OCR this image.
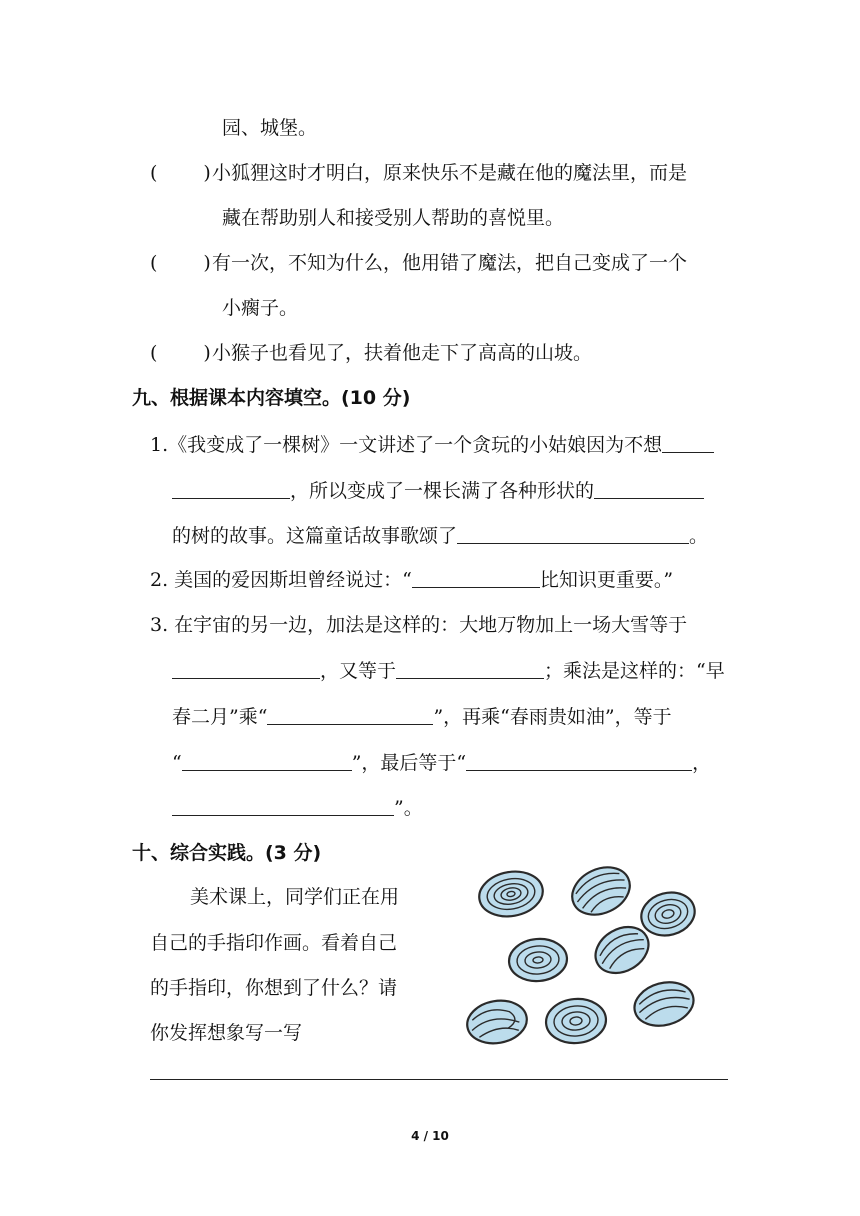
园、城堡。
( )小狐狸这时才明白，原来快乐不是藏在他的魔法里，而是
藏在帮助别人和接受别人帮助的喜悦里。
( )有一次，不知为什么，他用错了魔法，把自己变成了一个
小瘸子。
( )小猴子也看见了，扶着他走下了高高的山坡。
九、根据课本内容填空。(10 分)
1.《我变成了一棵树》一文讲述了一个贪玩的小姑娘因为不想
，所以变成了一棵长满了各种形状的
的树的故事。这篇童话故事歌颂了	。
2. 美国的爱因斯坦曾经说过：“	比知识更重要。”
3. 在宇宙的另一边，加法是这样的：大地万物加上一场大雪等于
，又等于	；乘法是这样的：“早
春二月”乘“	”，再乘“春雨贵如油”，等于
“	”，最后等于“	，
”。
十、综合实践。(3 分)
美术课上，同学们正在用
自己的手指印作画。看着自己
的手指印，你想到了什么？请
你发挥想象写一写
4 / 10
